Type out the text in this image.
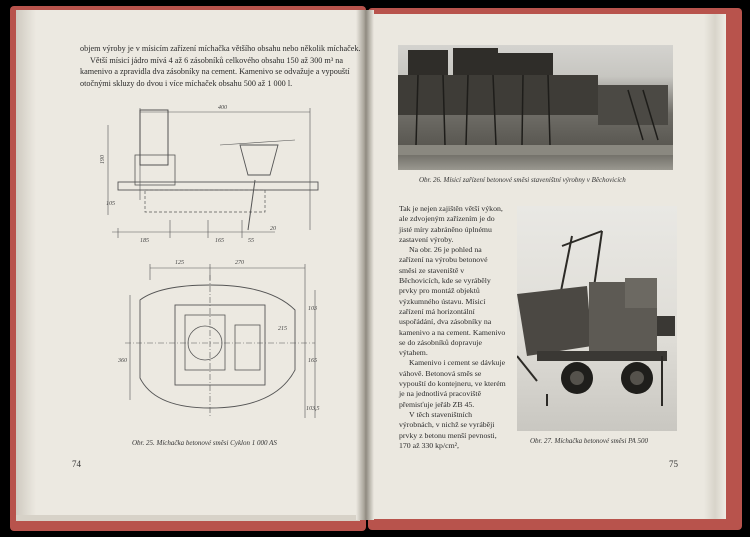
objem výroby je v mísicím zařízení míchačka většího obsahu nebo několik míchaček.
Větší mísicí jádro mívá 4 až 6 zásobníků celkového obsahu 150 až 300 m³ na kamenivo a zpravidla dva zásobníky na cement. Kamenivo se odvažuje a vypouští otočnými skluzy do dvou i více míchaček obsahu 500 až 1 000 l.
400
190
185	165	55
20
105
125	270
360	165
103
103,5
215
Obr. 25. Míchačka betonové směsi Cyklon 1 000 AS
74
Obr. 26. Mísicí zařízení betonové směsi staveništní výrobny v Běchovicích

Tak je nejen zajištěn větší výkon, ale zdvojeným zařízením je do jisté míry zabráněno úplnému zastavení výroby.

Na obr. 26 je pohled na zařízení na výrobu betonové směsi ze staveniště v Běchovicích, kde se vyráběly prvky pro montáž objektů výzkumného ústavu. Mísicí zařízení má horizontální uspořádání, dva zásobníky na kamenivo a na cement. Kamenivo se do zásobníků dopravuje výtahem.

Kamenivo i cement se dávkuje váhově. Betonová směs se vypouští do kontejneru, ve kterém je na jednotlivá pracoviště přemisťuje jeřáb ZB 45.

V těch staveništních výrobnách, v nichž se vyráběji prvky z betonu menší pevnosti, 170 až 330 kp/cm²,	Obr. 27. Míchačka betonové směsi PA 500
75
